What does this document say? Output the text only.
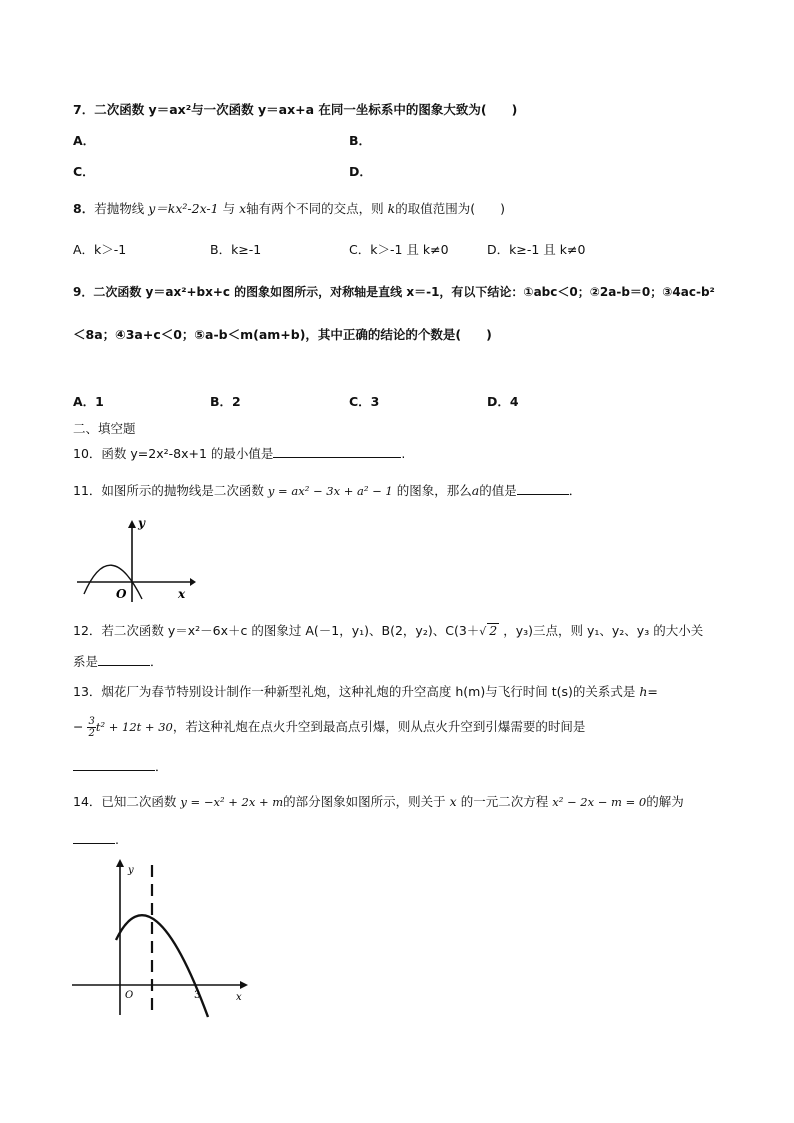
7．二次函数 y＝ax²与一次函数 y＝ax+a 在同一坐标系中的图象大致为(　　)
A．	B．
C．	D．
8．若抛物线 y＝kx²-2x-1 与 x轴有两个不同的交点，则 k的取值范围为(　　)
A．k＞-1	B．k≥-1	C．k＞-1 且 k≠0	D．k≥-1 且 k≠0
9．二次函数 y＝ax²+bx+c 的图象如图所示，对称轴是直线 x＝-1，有以下结论：①abc＜0；②2a-b＝0；③4ac-b²
＜8a；④3a+c＜0；⑤a-b＜m(am+b)，其中正确的结论的个数是(　　)
A．1	B．2	C．3	D．4
二、填空题
10．函数 y=2x²-8x+1 的最小值是	.
11．如图所示的抛物线是二次函数 y = ax² − 3x + a² − 1 的图象，那么a的值是	．
y
x
O
12．若二次函数 y＝x²－6x＋c 的图象过 A(－1，y₁)、B(2，y₂)、C(3＋√ 2 ，y₃)三点，则 y₁、y₂、y₃ 的大小关
系是	．
13．烟花厂为春节特别设计制作一种新型礼炮，这种礼炮的升空高度 h(m)与飞行时间 t(s)的关系式是 h=
− $\frac{3}{2} t^2 + 12t + 30$，若这种礼炮在点火升空到最高点引爆，则从点火升空到引爆需要的时间是
．
14．已知二次函数 y = −x² + 2x + m的部分图象如图所示，则关于 x 的一元二次方程 x² − 2x − m = 0的解为
.
y
x
O	3
